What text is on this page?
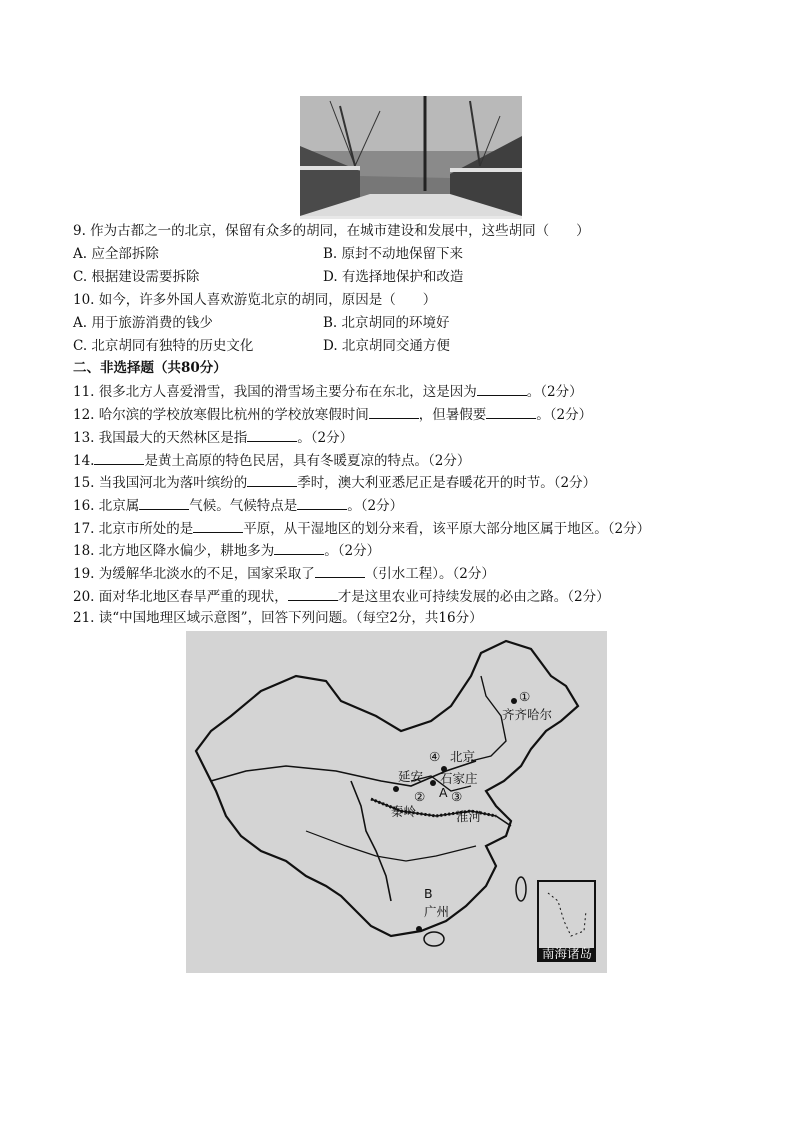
9. 作为古都之一的北京，保留有众多的胡同，在城市建设和发展中，这些胡同（　　）
A. 应全部拆除	B. 原封不动地保留下来
C. 根据建设需要拆除	D. 有选择地保护和改造
10. 如今，许多外国人喜欢游览北京的胡同，原因是（　　）
A. 用于旅游消费的钱少	B. 北京胡同的环境好
C. 北京胡同有独特的历史文化	D. 北京胡同交通方便
二、非选择题（共80分）
11. 很多北方人喜爱滑雪，我国的滑雪场主要分布在东北，这是因为	。（2分）
12. 哈尔滨的学校放寒假比杭州的学校放寒假时间	，但暑假要	。（2分）
13. 我国最大的天然林区是指	。（2分）
14.	是黄土高原的特色民居，具有冬暖夏凉的特点。（2分）
15. 当我国河北为落叶缤纷的	季时，澳大利亚悉尼正是春暖花开的时节。（2分）
16. 北京属	气候。气候特点是	。（2分）
17. 北京市所处的是	平原，从干湿地区的划分来看，该平原大部分地区属于地区。（2分）
18. 北方地区降水偏少，耕地多为	。（2分）
19. 为缓解华北淡水的不足，国家采取了	（引水工程）。（2分）
20. 面对华北地区春旱严重的现状，	才是这里农业可持续发展的必由之路。（2分）
21. 读“中国地理区域示意图”，回答下列问题。（每空2分，共16分）
①
齐齐哈尔
④ 北京
延安 石家庄
A
② ③
秦岭	淮河
B
广州
南海诸岛
